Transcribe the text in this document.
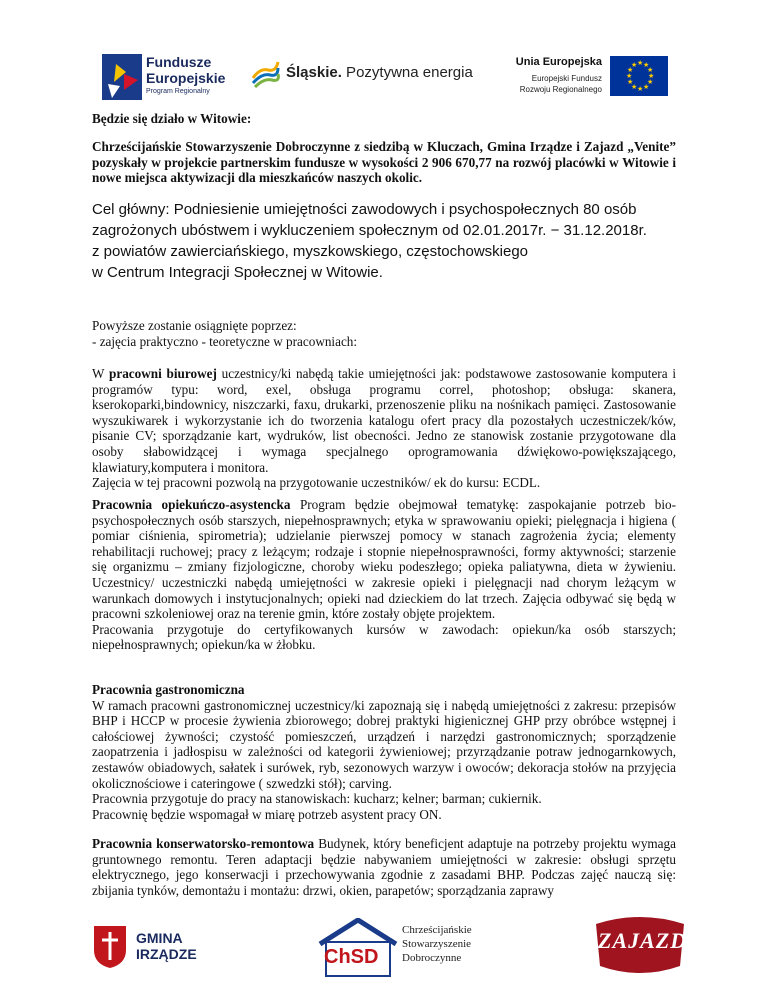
Fundusze
Europejskie
Program Regionalny
Śląskie. Pozytywna energia
Unia Europejska
Europejski Fundusz
Rozwoju Regionalnego
★ ★
★
★
★
★
★
★
★
★
★
★
Będzie się działo w Witowie:
Chrześcijańskie Stowarzyszenie Dobroczynne z siedzibą w Kluczach, Gmina Irządze i Zajazd „Venite” pozyskały w projekcie partnerskim fundusze w wysokości 2 906 670,77 na rozwój placówki w Witowie i nowe miejsca aktywizacji dla mieszkańców naszych okolic.
Cel główny: Podniesienie umiejętności zawodowych i psychospołecznych 80 osób
zagrożonych ubóstwem i wykluczeniem społecznym od 02.01.2017r. − 31.12.2018r.
z powiatów zawierciańskiego, myszkowskiego, częstochowskiego
w Centrum Integracji Społecznej w Witowie.
Powyższe zostanie osiągnięte poprzez:
- zajęcia praktyczno - teoretyczne w pracowniach:
W pracowni biurowej uczestnicy/ki nabędą takie umiejętności jak: podstawowe zastosowanie komputera i programów typu: word, exel, obsługa programu correl, photoshop; obsługa: skanera, kserokoparki,bindownicy, niszczarki, faxu, drukarki, przenoszenie pliku na nośnikach pamięci. Zastosowanie wyszukiwarek i wykorzystanie ich do tworzenia katalogu ofert pracy dla pozostałych uczestniczek/ków, pisanie CV; sporządzanie kart, wydruków, list obecności. Jedno ze stanowisk zostanie przygotowane dla osoby słabowidzącej i wymaga specjalnego oprogramowania dźwiękowo-powiększającego, klawiatury,komputera i monitora.
Zajęcia w tej pracowni pozwolą na przygotowanie uczestników/ ek do kursu: ECDL.
Pracownia opiekuńczo-asystencka Program będzie obejmował tematykę: zaspokajanie potrzeb bio-psychospołecznych osób starszych, niepełnosprawnych; etyka w sprawowaniu opieki; pielęgnacja i higiena ( pomiar ciśnienia, spirometria); udzielanie pierwszej pomocy w stanach zagrożenia życia; elementy rehabilitacji ruchowej; pracy z leżącym; rodzaje i stopnie niepełnosprawności, formy aktywności; starzenie się organizmu – zmiany fizjologiczne, choroby wieku podeszłego; opieka paliatywna, dieta w żywieniu. Uczestnicy/ uczestniczki nabędą umiejętności w zakresie opieki i pielęgnacji nad chorym leżącym w warunkach domowych i instytucjonalnych; opieki nad dzieckiem do lat trzech. Zajęcia odbywać się będą w pracowni szkoleniowej oraz na terenie gmin, które zostały objęte projektem.
Pracowania przygotuje do certyfikowanych kursów w zawodach: opiekun/ka osób starszych; niepełnosprawnych; opiekun/ka w żłobku.
Pracownia gastronomiczna
W ramach pracowni gastronomicznej uczestnicy/ki zapoznają się i nabędą umiejętności z zakresu: przepisów BHP i HCCP w procesie żywienia zbiorowego; dobrej praktyki higienicznej GHP przy obróbce wstępnej i całościowej żywności; czystość pomieszczeń, urządzeń i narzędzi gastronomicznych; sporządzenie zaopatrzenia i jadłospisu w zależności od kategorii żywieniowej; przyrządzanie potraw jednogarnkowych, zestawów obiadowych, sałatek i surówek, ryb, sezonowych warzyw i owoców; dekoracja stołów na przyjęcia okolicznościowe i cateringowe ( szwedzki stół); carving.
Pracownia przygotuje do pracy na stanowiskach: kucharz; kelner; barman; cukiernik.
Pracownię będzie wspomagał w miarę potrzeb asystent pracy ON.
Pracownia konserwatorsko-remontowa Budynek, który beneficjent adaptuje na potrzeby projektu wymaga gruntownego remontu. Teren adaptacji będzie nabywaniem umiejętności w zakresie: obsługi sprzętu elektrycznego, jego konserwacji i przechowywania zgodnie z zasadami BHP. Podczas zajęć nauczą się: zbijania tynków, demontażu i montażu: drzwi, okien, parapetów; sporządzania zaprawy
GMINA
IRZĄDZE	ChSD
Chrześcijańskie
Stowarzyszenie
Dobroczynne
ZAJAZD
